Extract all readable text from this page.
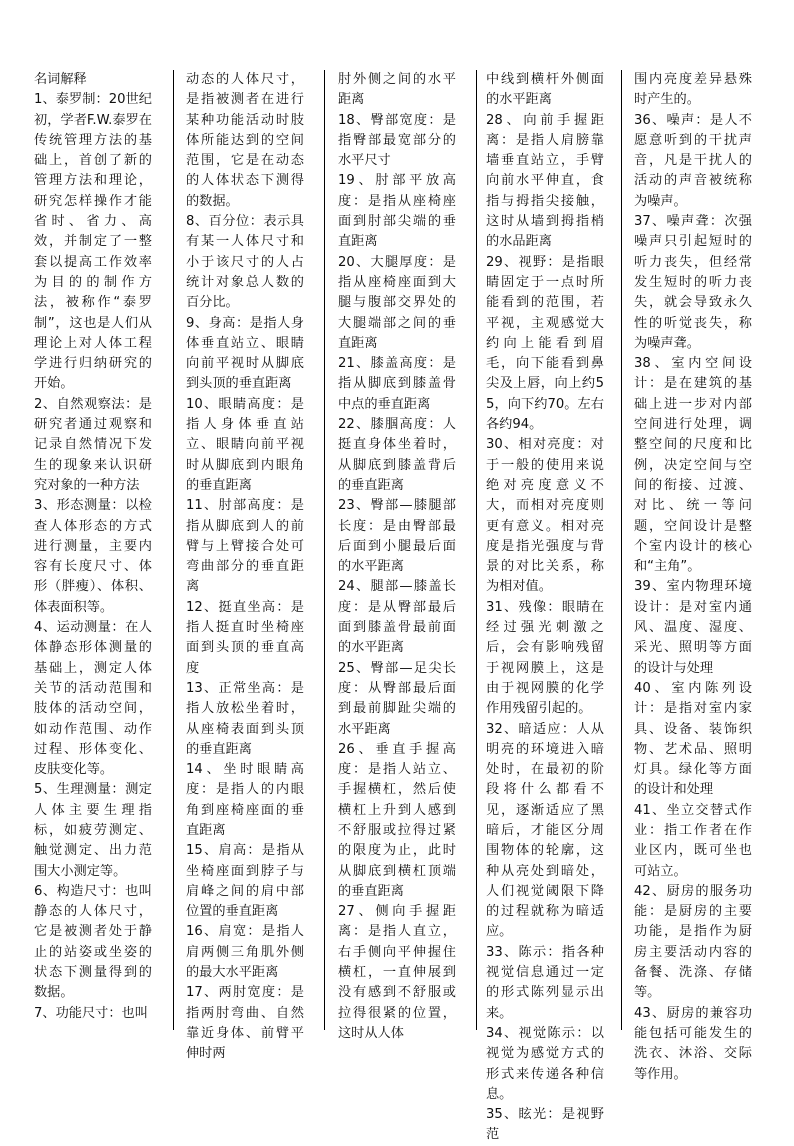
名词解释

1、泰罗制：20世纪初，学者F.W.泰罗在传统管理方法的基础上，首创了新的管理方法和理论，研究怎样操作才能省时、省力、高效，并制定了一整套以提高工作效率为目的的制作方法，被称作“泰罗制”，这也是人们从理论上对人体工程学进行归纳研究的开始。

2、自然观察法：是研究者通过观察和记录自然情况下发生的现象来认识研究对象的一种方法

3、形态测量：以检查人体形态的方式进行测量，主要内容有长度尺寸、体形（胖瘦）、体积、体表面积等。

4、运动测量：在人体静态形体测量的基础上，测定人体关节的活动范围和肢体的活动空间，如动作范围、动作过程、形体变化、皮肤变化等。

5、生理测量：测定人体主要生理指标，如疲劳测定、触觉测定、出力范围大小测定等。

6、构造尺寸：也叫静态的人体尺寸，它是被测者处于静止的站姿或坐姿的状态下测量得到的数据。

7、功能尺寸：也叫

动态的人体尺寸，是指被测者在进行某种功能活动时肢体所能达到的空间范围，它是在动态的人体状态下测得的数据。

8、百分位：表示具有某一人体尺寸和小于该尺寸的人占统计对象总人数的百分比。

9、身高：是指人身体垂直站立、眼睛向前平视时从脚底到头顶的垂直距离

10、眼睛高度：是指人身体垂直站立、眼睛向前平视时从脚底到内眼角的垂直距离

11、肘部高度：是指从脚底到人的前臂与上臂接合处可弯曲部分的垂直距离

12、挺直坐高：是指人挺直时坐椅座面到头顶的垂直高度

13、正常坐高：是指人放松坐着时，从座椅表面到头顶的垂直距离

14、坐时眼睛高度：是指人的内眼角到座椅座面的垂直距离

15、肩高：是指从坐椅座面到脖子与肩峰之间的肩中部位置的垂直距离

16、肩宽：是指人肩两侧三角肌外侧的最大水平距离

17、两肘宽度：是指两肘弯曲、自然靠近身体、前臂平伸时两

肘外侧之间的水平距离

18、臀部宽度：是指臀部最宽部分的水平尺寸

19、肘部平放高度：是指从座椅座面到肘部尖端的垂直距离

20、大腿厚度：是指从座椅座面到大腿与腹部交界处的大腿端部之间的垂直距离

21、膝盖高度：是指从脚底到膝盖骨中点的垂直距离

22、膝腘高度：人挺直身体坐着时，从脚底到膝盖背后的垂直距离

23、臀部—膝腿部长度：是由臀部最后面到小腿最后面的水平距离

24、腿部—膝盖长度：是从臀部最后面到膝盖骨最前面的水平距离

25、臀部—足尖长度：从臀部最后面到最前脚趾尖端的水平距离

26、垂直手握高度：是指人站立、手握横杠，然后使横杠上升到人感到不舒服或拉得过紧的限度为止，此时从脚底到横杠顶端的垂直距离

27、侧向手握距离：是指人直立，右手侧向平伸握住横杠，一直伸展到没有感到不舒服或拉得很紧的位置，这时从人体

中线到横杆外侧面的水平距离

28、向前手握距离：是指人肩膀靠墙垂直站立，手臂向前水平伸直，食指与拇指尖接触，这时从墙到拇指梢的水品距离

29、视野：是指眼睛固定于一点时所能看到的范围，若平视，主观感觉大约向上能看到眉毛，向下能看到鼻尖及上唇，向上约55，向下约70。左右各约94。

30、相对亮度：对于一般的使用来说绝对亮度意义不大，而相对亮度则更有意义。相对亮度是指光强度与背景的对比关系，称为相对值。

31、残像：眼睛在经过强光刺激之后，会有影响残留于视网膜上，这是由于视网膜的化学作用残留引起的。

32、暗适应：人从明亮的环境进入暗处时，在最初的阶段将什么都看不见，逐渐适应了黑暗后，才能区分周围物体的轮廓，这种从亮处到暗处，人们视觉阈限下降的过程就称为暗适应。

33、陈示：指各种视觉信息通过一定的形式陈列显示出来。

34、视觉陈示：以视觉为感觉方式的形式来传递各种信息。

35、眩光：是视野范

围内亮度差异悬殊时产生的。

36、噪声：是人不愿意听到的干扰声音，凡是干扰人的活动的声音被统称为噪声。

37、噪声聋：次强噪声只引起短时的听力丧失，但经常发生短时的听力丧失，就会导致永久性的听觉丧失，称为噪声聋。

38、室内空间设计：是在建筑的基础上进一步对内部空间进行处理，调整空间的尺度和比例，决定空间与空间的衔接、过渡、对比、统一等问题，空间设计是整个室内设计的核心和“主角”。

39、室内物理环境设计：是对室内通风、温度、湿度、采光、照明等方面的设计与处理

40、室内陈列设计：是指对室内家具、设备、装饰织物、艺术品、照明灯具。绿化等方面的设计和处理

41、坐立交替式作业：指工作者在作业区内，既可坐也可站立。

42、厨房的服务功能：是厨房的主要功能，是指作为厨房主要活动内容的备餐、洗涤、存储等。

43、厨房的兼容功能包括可能发生的洗衣、沐浴、交际等作用。
